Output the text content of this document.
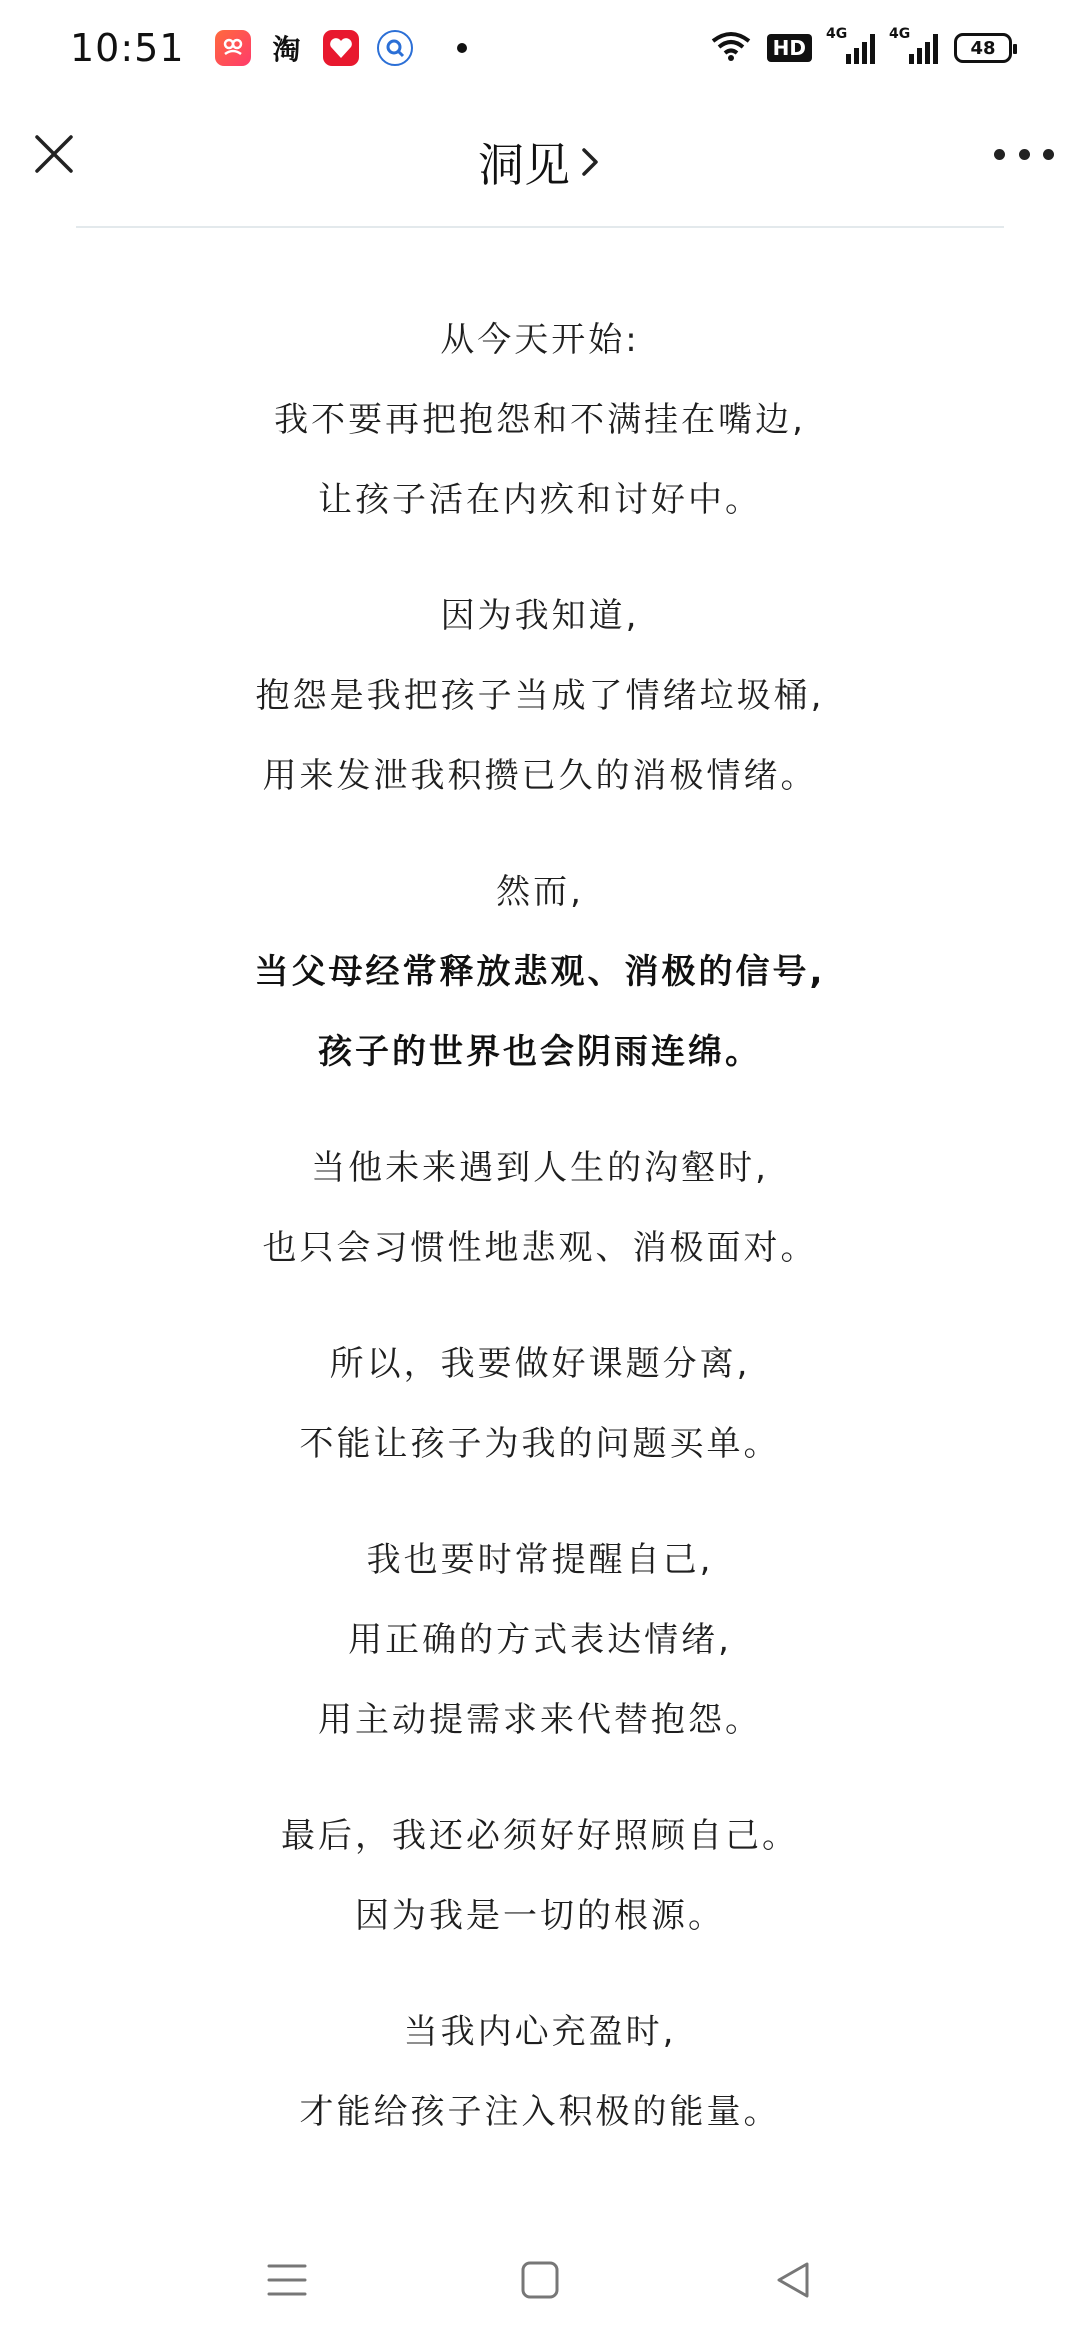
10:51	淘	HD
4G	4G
48
洞见
从今天开始:
我不要再把抱怨和不满挂在嘴边,
让孩子活在内疚和讨好中。
因为我知道,
抱怨是我把孩子当成了情绪垃圾桶,
用来发泄我积攒已久的消极情绪。
然而,
当父母经常释放悲观、消极的信号,
孩子的世界也会阴雨连绵。
当他未来遇到人生的沟壑时,
也只会习惯性地悲观、消极面对。
所以，我要做好课题分离,
不能让孩子为我的问题买单。
我也要时常提醒自己,
用正确的方式表达情绪,
用主动提需求来代替抱怨。
最后，我还必须好好照顾自己。
因为我是一切的根源。
当我内心充盈时,
才能给孩子注入积极的能量。
